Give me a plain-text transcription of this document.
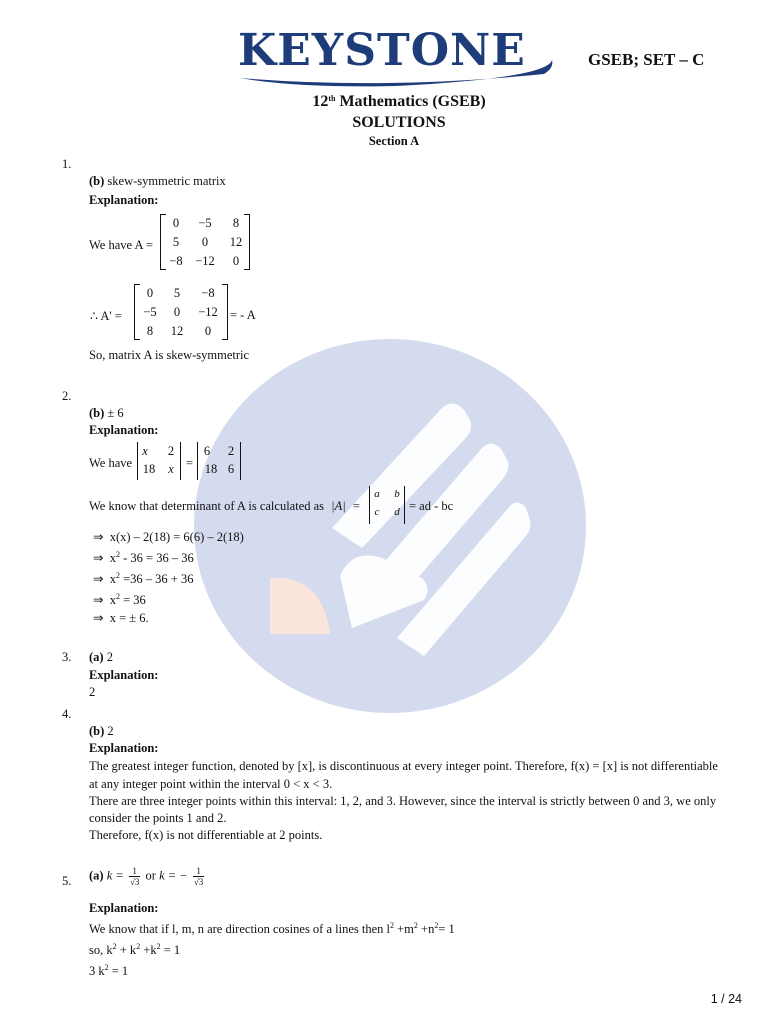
KEYSTONE	GSEB; SET – C
12th Mathematics (GSEB)
SOLUTIONS
Section A
1.
(b) skew-symmetric matrix
Explanation:
We have A =
0	−5	8
5	0	12
−8	−12	0
∴ A' =
0	5	−8
−5	0	−12
8	12	0
= - A
So, matrix A is skew-symmetric
2.
(b) ± 6
Explanation:
We have
x	2
18	x =
6	2
18 6
We know that determinant of A is calculated as |A| =
a	b
c	d = ad - bc
⇒ x(x) – 2(18) = 6(6) – 2(18)
⇒ $x^2 - 36 = 36 - 36$
⇒ $x^2 =36 - 36 + 36$
⇒ $x^2 = 36$
⇒ x = ± 6.
3. (a) 2
Explanation:
2
4.
(b) 2
Explanation:
The greatest integer function, denoted by [x], is discontinuous at every integer point. Therefore, f(x) = [x] is not differentiable
at any integer point within the interval 0 < x < 3.
There are three integer points within this interval: 1, 2, and 3. However, since the interval is strictly between 0 and 3, we only
consider the points 1 and 2.
Therefore, f(x) is not differentiable at 2 points.
5. (a) $k = \frac{1}{√3}$ or k = − $\frac{1}{√3}$
Explanation:
We know that if l, m, n are direction cosines of a lines then $l^2 +m^2 +n^2= 1$
so, $k^2 + k^2 +k^2 = 1$
3 $k^2 = 1$
1 / 24
